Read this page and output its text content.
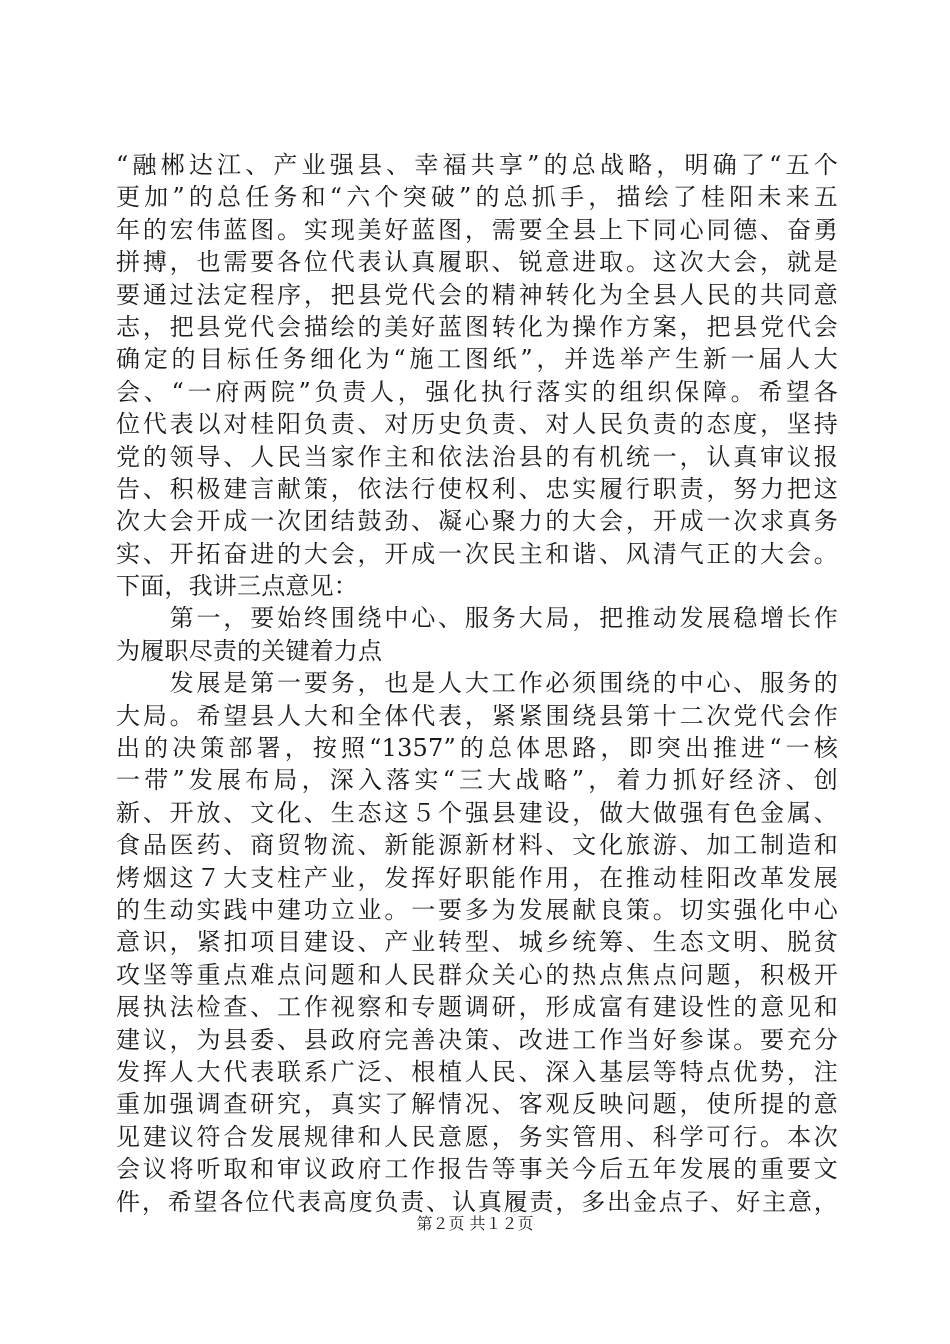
“融郴达江、产业强县、幸福共享”的总战略，明确了“五个
更加”的总任务和“六个突破”的总抓手，描绘了桂阳未来五
年的宏伟蓝图。实现美好蓝图，需要全县上下同心同德、奋勇
拼搏，也需要各位代表认真履职、锐意进取。这次大会，就是
要通过法定程序，把县党代会的精神转化为全县人民的共同意
志，把县党代会描绘的美好蓝图转化为操作方案，把县党代会
确定的目标任务细化为“施工图纸”，并选举产生新一届人大
会、“一府两院”负责人，强化执行落实的组织保障。希望各
位代表以对桂阳负责、对历史负责、对人民负责的态度，坚持
党的领导、人民当家作主和依法治县的有机统一，认真审议报
告、积极建言献策，依法行使权利、忠实履行职责，努力把这
次大会开成一次团结鼓劲、凝心聚力的大会，开成一次求真务
实、开拓奋进的大会，开成一次民主和谐、风清气正的大会。
下面，我讲三点意见：
　　第一，要始终围绕中心、服务大局，把推动发展稳增长作
为履职尽责的关键着力点
　　发展是第一要务，也是人大工作必须围绕的中心、服务的
大局。希望县人大和全体代表，紧紧围绕县第十二次党代会作
出的决策部署，按照“1357”的总体思路，即突出推进“一核
一带”发展布局，深入落实“三大战略”，着力抓好经济、创
新、开放、文化、生态这５个强县建设，做大做强有色金属、
食品医药、商贸物流、新能源新材料、文化旅游、加工制造和
烤烟这７大支柱产业，发挥好职能作用，在推动桂阳改革发展
的生动实践中建功立业。一要多为发展献良策。切实强化中心
意识，紧扣项目建设、产业转型、城乡统筹、生态文明、脱贫
攻坚等重点难点问题和人民群众关心的热点焦点问题，积极开
展执法检查、工作视察和专题调研，形成富有建设性的意见和
建议，为县委、县政府完善决策、改进工作当好参谋。要充分
发挥人大代表联系广泛、根植人民、深入基层等特点优势，注
重加强调查研究，真实了解情况、客观反映问题，使所提的意
见建议符合发展规律和人民意愿，务实管用、科学可行。本次
会议将听取和审议政府工作报告等事关今后五年发展的重要文
件，希望各位代表高度负责、认真履责，多出金点子、好主意，
第２页 共１２页
